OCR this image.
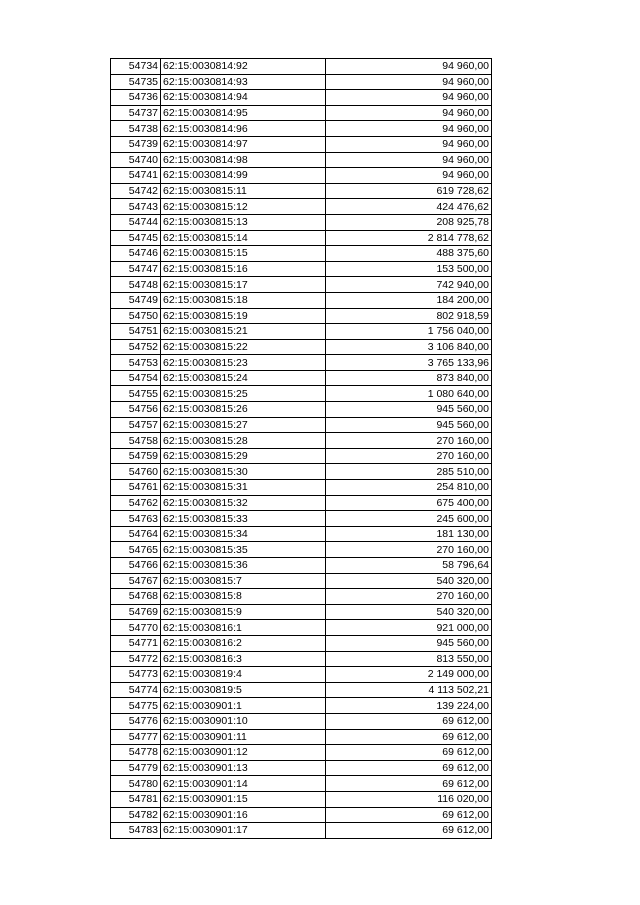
54734	62:15:0030814:92	94 960,00
54735	62:15:0030814:93	94 960,00
54736	62:15:0030814:94	94 960,00
54737	62:15:0030814:95	94 960,00
54738	62:15:0030814:96	94 960,00
54739	62:15:0030814:97	94 960,00
54740	62:15:0030814:98	94 960,00
54741	62:15:0030814:99	94 960,00
54742	62:15:0030815:11	619 728,62
54743	62:15:0030815:12	424 476,62
54744	62:15:0030815:13	208 925,78
54745	62:15:0030815:14	2 814 778,62
54746	62:15:0030815:15	488 375,60
54747	62:15:0030815:16	153 500,00
54748	62:15:0030815:17	742 940,00
54749	62:15:0030815:18	184 200,00
54750	62:15:0030815:19	802 918,59
54751	62:15:0030815:21	1 756 040,00
54752	62:15:0030815:22	3 106 840,00
54753	62:15:0030815:23	3 765 133,96
54754	62:15:0030815:24	873 840,00
54755	62:15:0030815:25	1 080 640,00
54756	62:15:0030815:26	945 560,00
54757	62:15:0030815:27	945 560,00
54758	62:15:0030815:28	270 160,00
54759	62:15:0030815:29	270 160,00
54760	62:15:0030815:30	285 510,00
54761	62:15:0030815:31	254 810,00
54762	62:15:0030815:32	675 400,00
54763	62:15:0030815:33	245 600,00
54764	62:15:0030815:34	181 130,00
54765	62:15:0030815:35	270 160,00
54766	62:15:0030815:36	58 796,64
54767	62:15:0030815:7	540 320,00
54768	62:15:0030815:8	270 160,00
54769	62:15:0030815:9	540 320,00
54770	62:15:0030816:1	921 000,00
54771	62:15:0030816:2	945 560,00
54772	62:15:0030816:3	813 550,00
54773	62:15:0030819:4	2 149 000,00
54774	62:15:0030819:5	4 113 502,21
54775	62:15:0030901:1	139 224,00
54776	62:15:0030901:10	69 612,00
54777	62:15:0030901:11	69 612,00
54778	62:15:0030901:12	69 612,00
54779	62:15:0030901:13	69 612,00
54780	62:15:0030901:14	69 612,00
54781	62:15:0030901:15	116 020,00
54782	62:15:0030901:16	69 612,00
54783	62:15:0030901:17	69 612,00
